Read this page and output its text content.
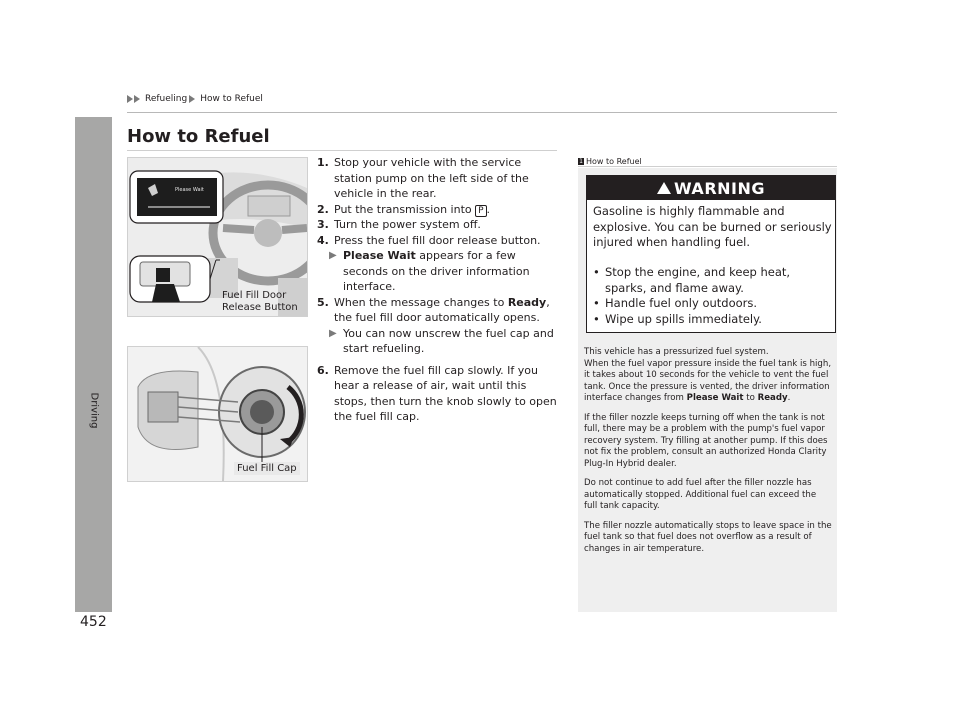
Refueling How to Refuel
Driving
452
How to Refuel
Please Wait
Fuel Fill Door Release Button
Fuel Fill Cap
1. Stop your vehicle with the service station pump on the left side of the vehicle in the rear.
2. Put the transmission into P .
3. Turn the power system off.
4. Press the fuel fill door release button.
▶ Please Wait appears for a few seconds on the driver information interface.
5. When the message changes to Ready, the fuel fill door automatically opens.
▶ You can now unscrew the fuel cap and start refueling.
6. Remove the fuel fill cap slowly. If you hear a release of air, wait until this stops, then turn the knob slowly to open the fuel fill cap.
1 How to Refuel
WARNING
Gasoline is highly flammable and explosive. You can be burned or seriously injured when handling fuel.
• Stop the engine, and keep heat, sparks, and flame away.
• Handle fuel only outdoors.
• Wipe up spills immediately.

This vehicle has a pressurized fuel system.
When the fuel vapor pressure inside the fuel tank is high, it takes about 10 seconds for the vehicle to vent the fuel tank. Once the pressure is vented, the driver information interface changes from Please Wait to Ready.

If the filler nozzle keeps turning off when the tank is not full, there may be a problem with the pump's fuel vapor recovery system. Try filling at another pump. If this does not fix the problem, consult an authorized Honda Clarity Plug-In Hybrid dealer.

Do not continue to add fuel after the filler nozzle has automatically stopped. Additional fuel can exceed the full tank capacity.

The filler nozzle automatically stops to leave space in the fuel tank so that fuel does not overflow as a result of changes in air temperature.
